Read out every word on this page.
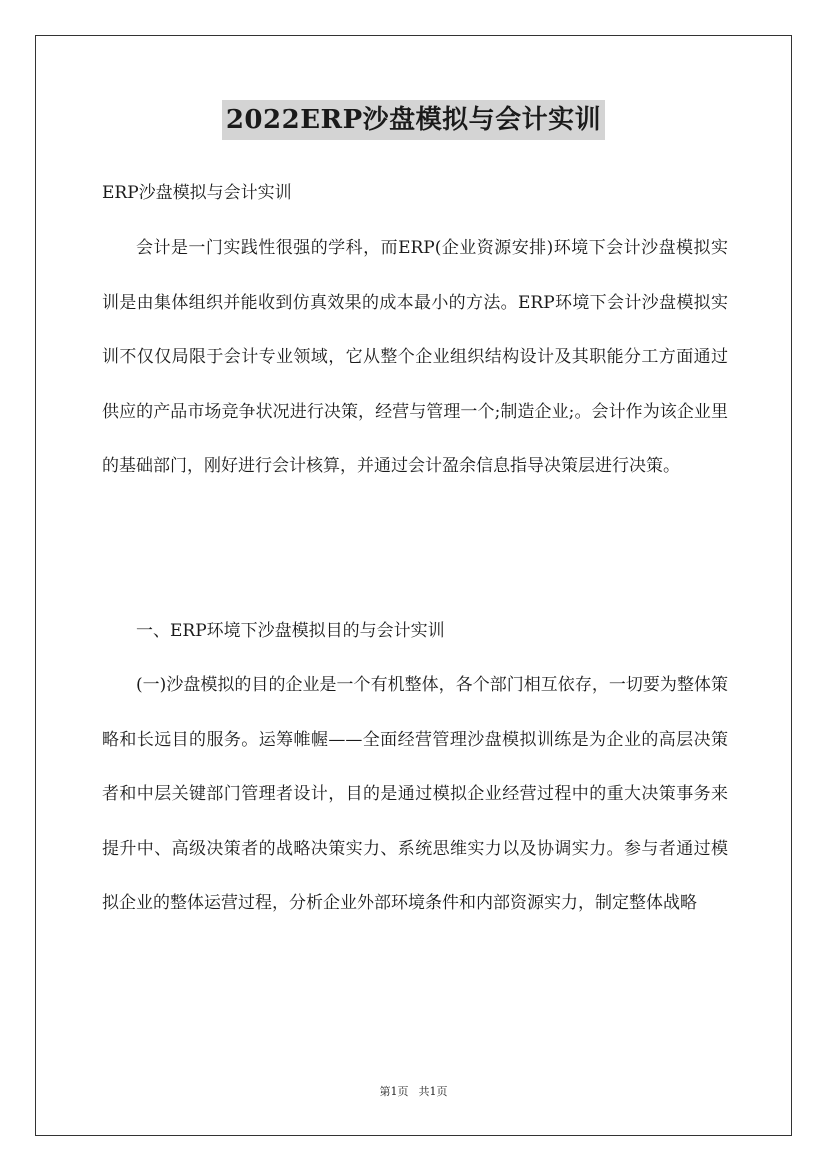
2022ERP沙盘模拟与会计实训

ERP沙盘模拟与会计实训

会计是一门实践性很强的学科，而ERP(企业资源安排)环境下会计沙盘模拟实训是由集体组织并能收到仿真效果的成本最小的方法。ERP环境下会计沙盘模拟实训不仅仅局限于会计专业领域，它从整个企业组织结构设计及其职能分工方面通过供应的产品市场竞争状况进行决策，经营与管理一个;制造企业;。会计作为该企业里的基础部门，刚好进行会计核算，并通过会计盈余信息指导决策层进行决策。

一、ERP环境下沙盘模拟目的与会计实训

(一)沙盘模拟的目的企业是一个有机整体，各个部门相互依存，一切要为整体策略和长远目的服务。运筹帷幄——全面经营管理沙盘模拟训练是为企业的高层决策者和中层关键部门管理者设计，目的是通过模拟企业经营过程中的重大决策事务来提升中、高级决策者的战略决策实力、系统思维实力以及协调实力。参与者通过模拟企业的整体运营过程，分析企业外部环境条件和内部资源实力，制定整体战略

第1页 共1页
